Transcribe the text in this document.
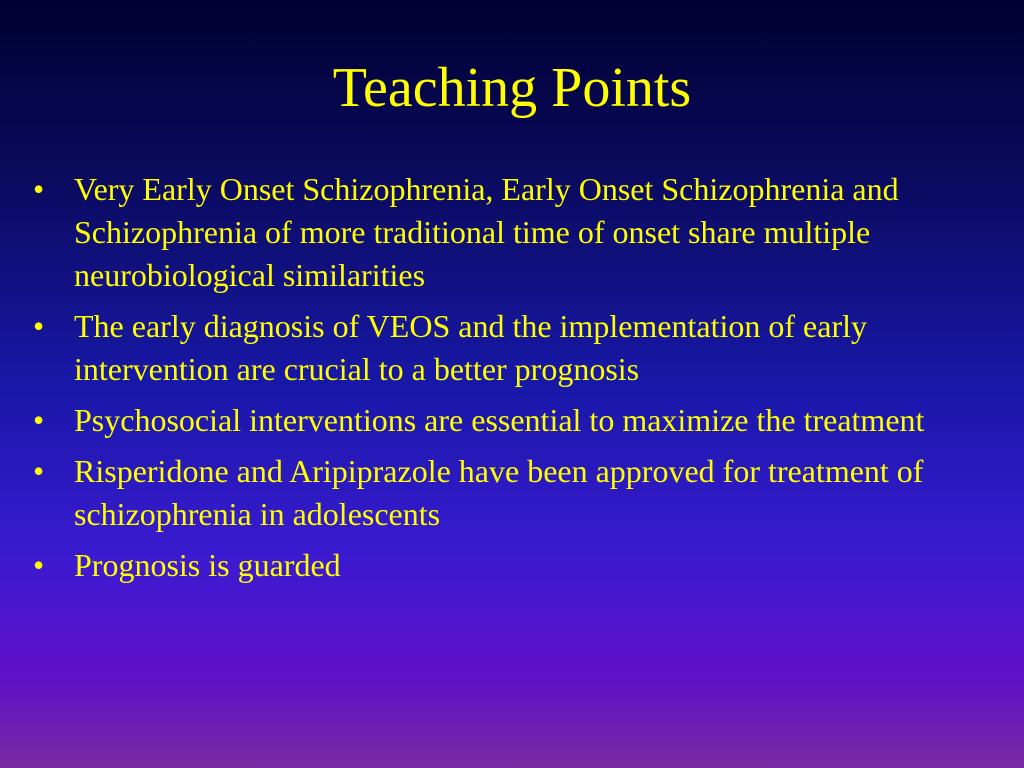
Teaching Points
• Very Early Onset Schizophrenia, Early Onset Schizophrenia and Schizophrenia of more traditional time of onset share multiple neurobiological similarities
• The early diagnosis of VEOS and the implementation of early intervention are crucial to a better prognosis
• Psychosocial interventions are essential to maximize the treatment
• Risperidone and Aripiprazole have been approved for treatment of schizophrenia in adolescents
• Prognosis is guarded
